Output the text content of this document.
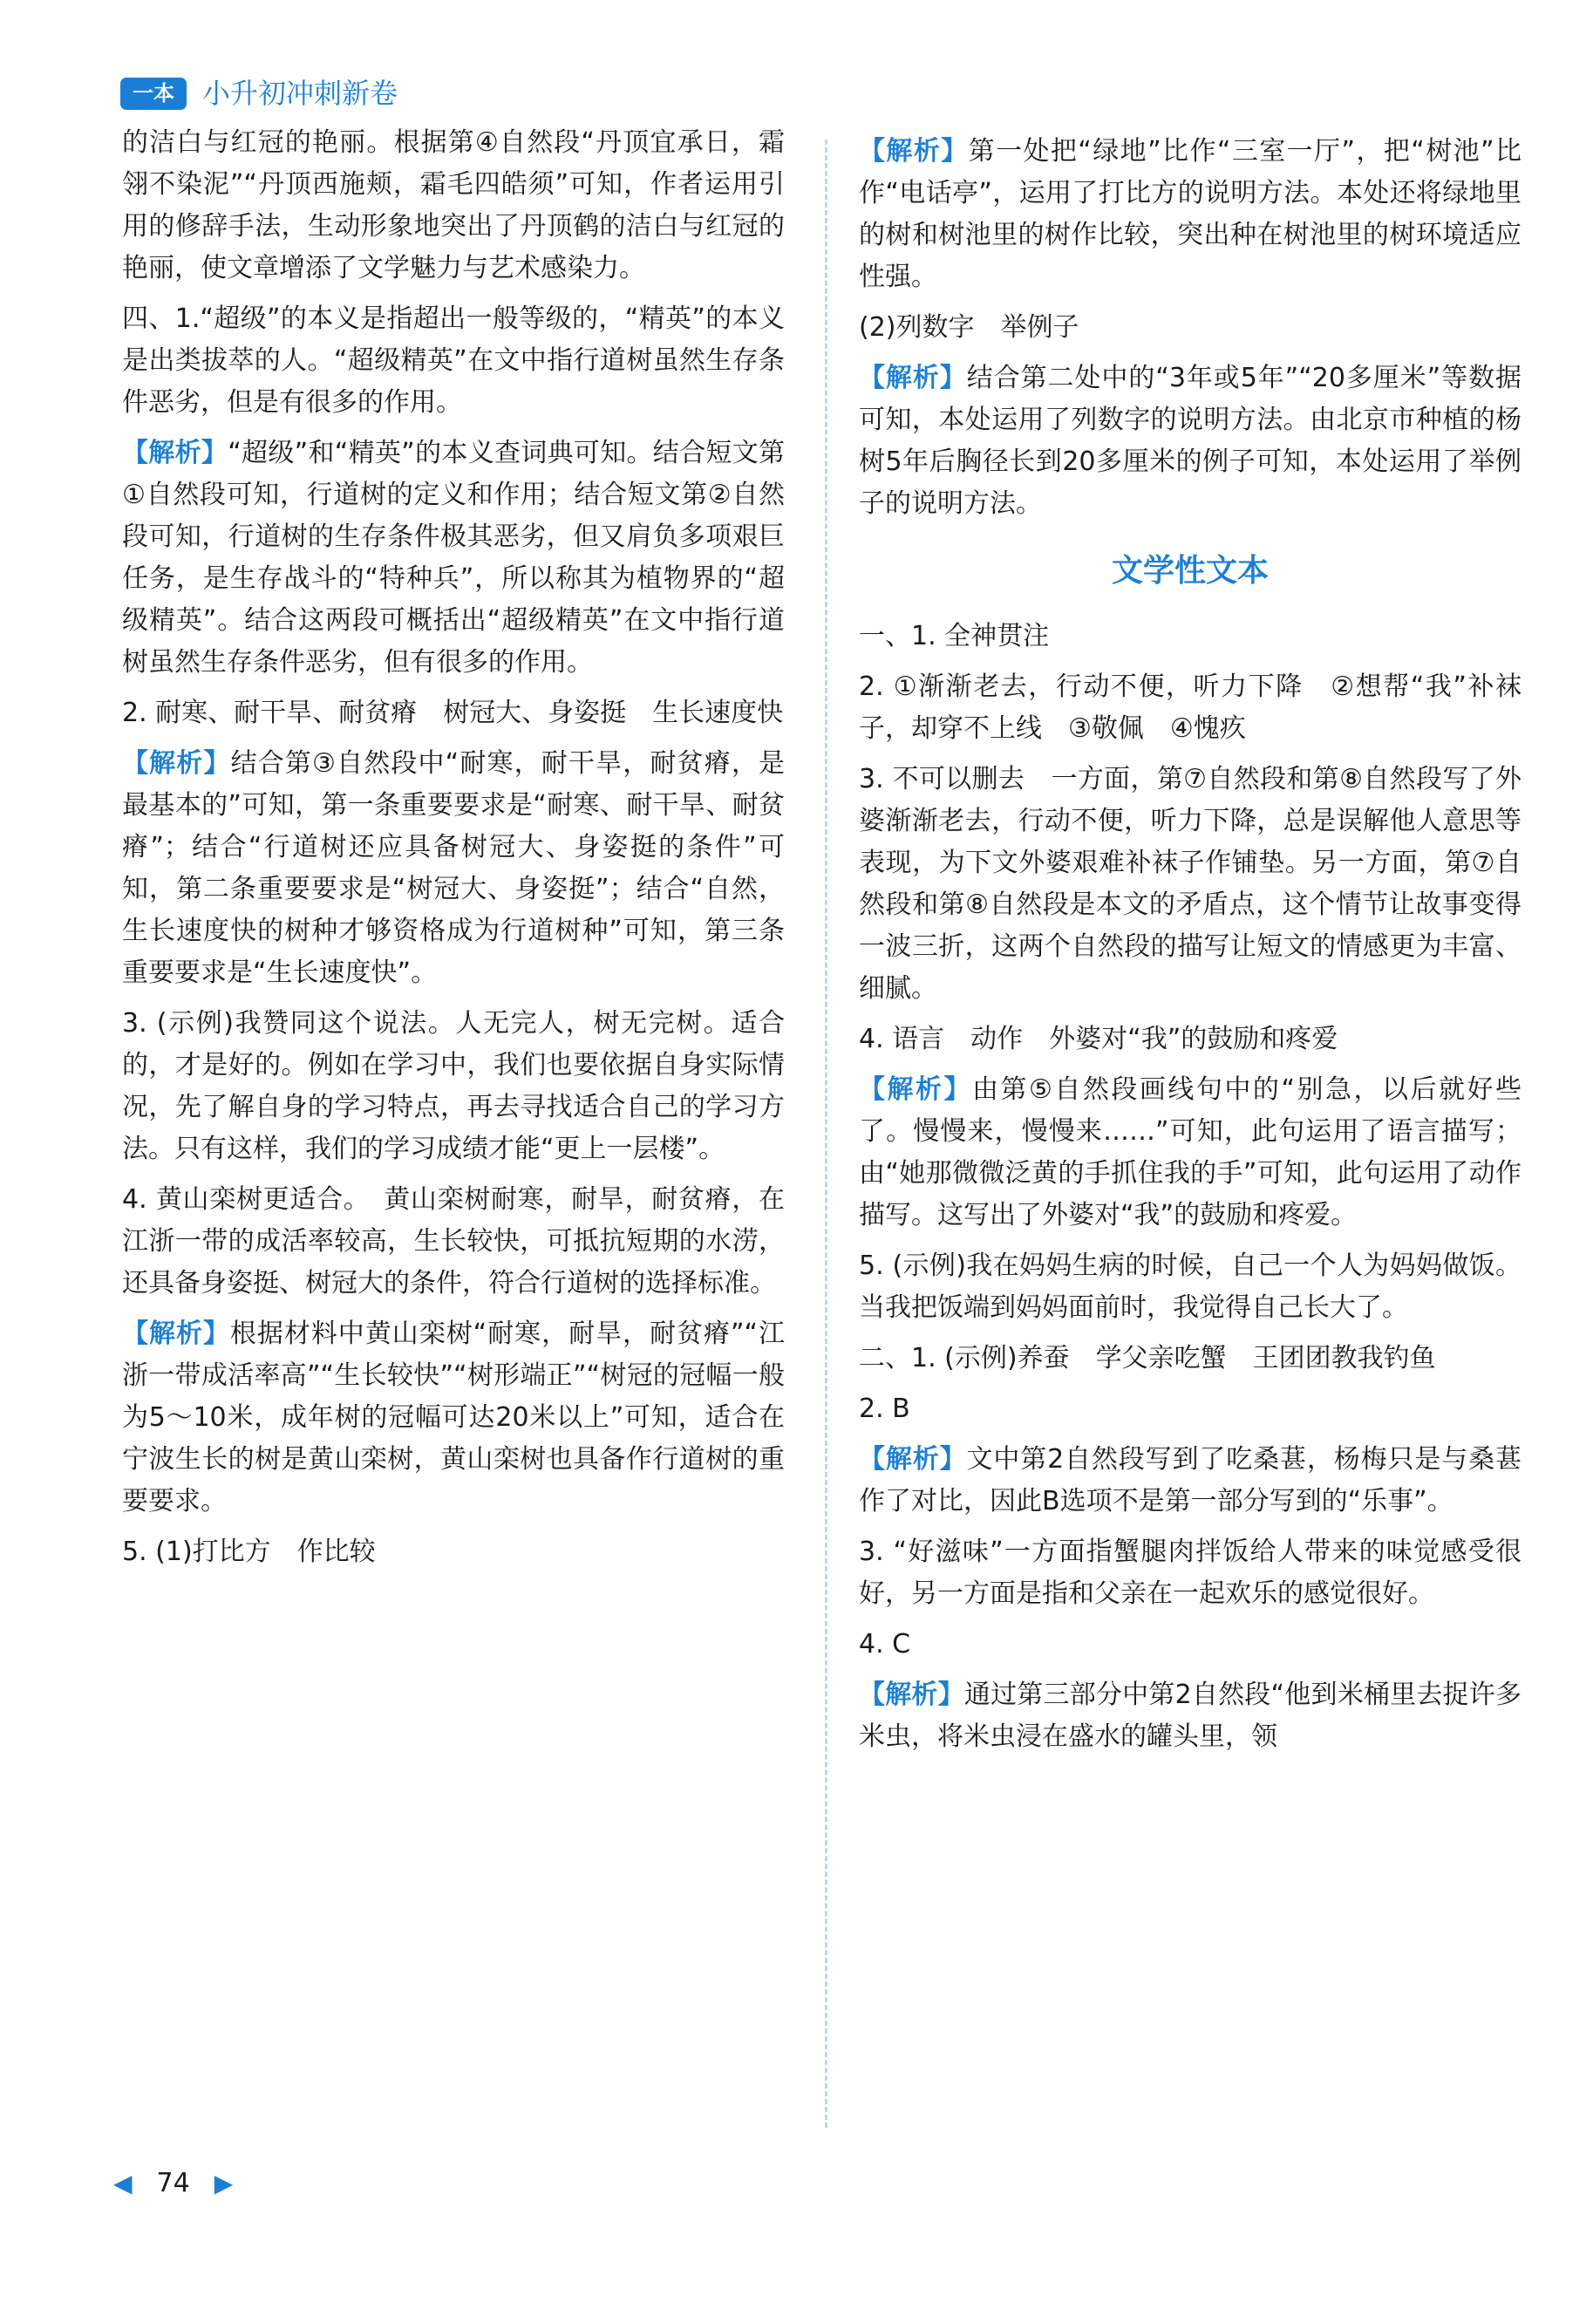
一本	小升初冲刺新卷

的洁白与红冠的艳丽。根据第④自然段“丹顶宜承日，霜翎不染泥”“丹顶西施颊，霜毛四皓须”可知，作者运用引用的修辞手法，生动形象地突出了丹顶鹤的洁白与红冠的艳丽，使文章增添了文学魅力与艺术感染力。

四、1.“超级”的本义是指超出一般等级的，“精英”的本义是出类拔萃的人。“超级精英”在文中指行道树虽然生存条件恶劣，但是有很多的作用。

【解析】“超级”和“精英”的本义查词典可知。结合短文第①自然段可知，行道树的定义和作用；结合短文第②自然段可知，行道树的生存条件极其恶劣，但又肩负多项艰巨任务，是生存战斗的“特种兵”，所以称其为植物界的“超级精英”。结合这两段可概括出“超级精英”在文中指行道树虽然生存条件恶劣，但有很多的作用。

2. 耐寒、耐干旱、耐贫瘠　树冠大、身姿挺　生长速度快

【解析】结合第③自然段中“耐寒，耐干旱，耐贫瘠，是最基本的”可知，第一条重要要求是“耐寒、耐干旱、耐贫瘠”；结合“行道树还应具备树冠大、身姿挺的条件”可知，第二条重要要求是“树冠大、身姿挺”；结合“自然，生长速度快的树种才够资格成为行道树种”可知，第三条重要要求是“生长速度快”。

3. (示例)我赞同这个说法。人无完人，树无完树。适合的，才是好的。例如在学习中，我们也要依据自身实际情况，先了解自身的学习特点，再去寻找适合自己的学习方法。只有这样，我们的学习成绩才能“更上一层楼”。

4. 黄山栾树更适合。　黄山栾树耐寒，耐旱，耐贫瘠，在江浙一带的成活率较高，生长较快，可抵抗短期的水涝，还具备身姿挺、树冠大的条件，符合行道树的选择标准。

【解析】根据材料中黄山栾树“耐寒，耐旱，耐贫瘠”“江浙一带成活率高”“生长较快”“树形端正”“树冠的冠幅一般为5～10米，成年树的冠幅可达20米以上”可知，适合在宁波生长的树是黄山栾树，黄山栾树也具备作行道树的重要要求。

5. (1)打比方　作比较

【解析】第一处把“绿地”比作“三室一厅”，把“树池”比作“电话亭”，运用了打比方的说明方法。本处还将绿地里的树和树池里的树作比较，突出种在树池里的树环境适应性强。

(2)列数字　举例子

【解析】结合第二处中的“3年或5年”“20多厘米”等数据可知，本处运用了列数字的说明方法。由北京市种植的杨树5年后胸径长到20多厘米的例子可知，本处运用了举例子的说明方法。

文学性文本

一、1. 全神贯注

2. ①渐渐老去，行动不便，听力下降　②想帮“我”补袜子，却穿不上线　③敬佩　④愧疚

3. 不可以删去　一方面，第⑦自然段和第⑧自然段写了外婆渐渐老去，行动不便，听力下降，总是误解他人意思等表现，为下文外婆艰难补袜子作铺垫。另一方面，第⑦自然段和第⑧自然段是本文的矛盾点，这个情节让故事变得一波三折，这两个自然段的描写让短文的情感更为丰富、细腻。

4. 语言　动作　外婆对“我”的鼓励和疼爱

【解析】由第⑤自然段画线句中的“别急，以后就好些了。慢慢来，慢慢来……”可知，此句运用了语言描写；由“她那微微泛黄的手抓住我的手”可知，此句运用了动作描写。这写出了外婆对“我”的鼓励和疼爱。

5. (示例)我在妈妈生病的时候，自己一个人为妈妈做饭。当我把饭端到妈妈面前时，我觉得自己长大了。

二、1. (示例)养蚕　学父亲吃蟹　王团团教我钓鱼

2. B

【解析】文中第2自然段写到了吃桑葚，杨梅只是与桑葚作了对比，因此B选项不是第一部分写到的“乐事”。

3. “好滋味”一方面指蟹腿肉拌饭给人带来的味觉感受很好，另一方面是指和父亲在一起欢乐的感觉很好。

4. C

【解析】通过第三部分中第2自然段“他到米桶里去捉许多米虫，将米虫浸在盛水的罐头里，领

◀ 74 ▶
